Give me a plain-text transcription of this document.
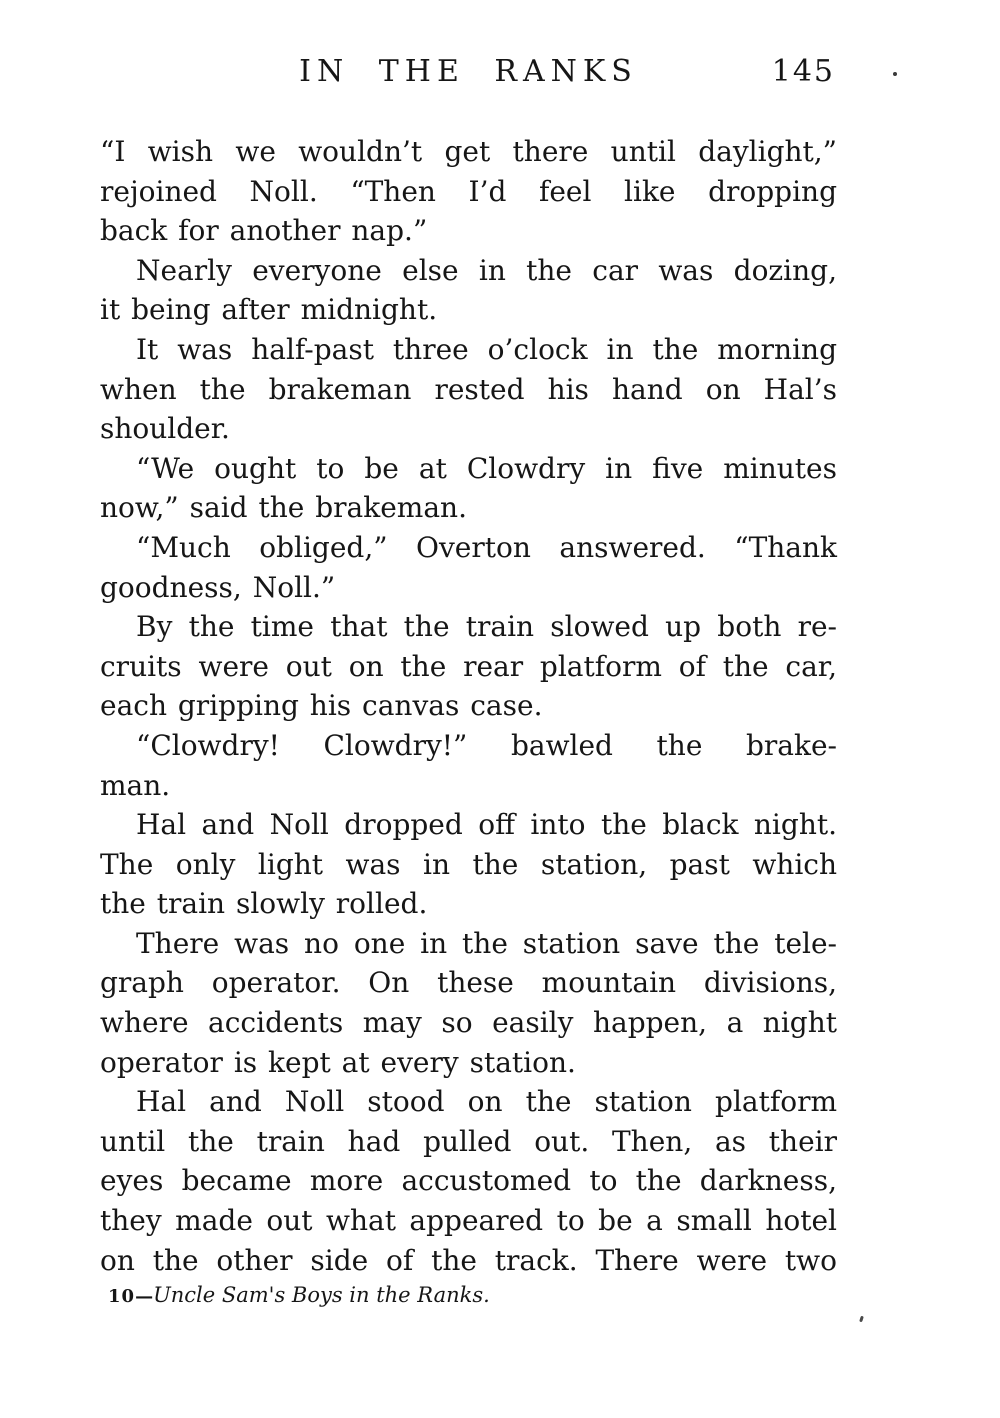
IN THE RANKS	145
“I wish we wouldn’t get there until daylight,”
rejoined Noll. “Then I’d feel like dropping
back for another nap.”
Nearly everyone else in the car was dozing,
it being after midnight.
It was half-past three o’clock in the morning
when the brakeman rested his hand on Hal’s
shoulder.
“We ought to be at Clowdry in five minutes
now,” said the brakeman.
“Much obliged,” Overton answered. “Thank
goodness, Noll.”
By the time that the train slowed up both re-
cruits were out on the rear platform of the car,
each gripping his canvas case.
“Clowdry! Clowdry!” bawled the brake-
man.
Hal and Noll dropped off into the black night.
The only light was in the station, past which
the train slowly rolled.
There was no one in the station save the tele-
graph operator. On these mountain divisions,
where accidents may so easily happen, a night
operator is kept at every station.
Hal and Noll stood on the station platform
until the train had pulled out. Then, as their
eyes became more accustomed to the darkness,
they made out what appeared to be a small hotel
on the other side of the track. There were two
10—Uncle Sam's Boys in the Ranks.
